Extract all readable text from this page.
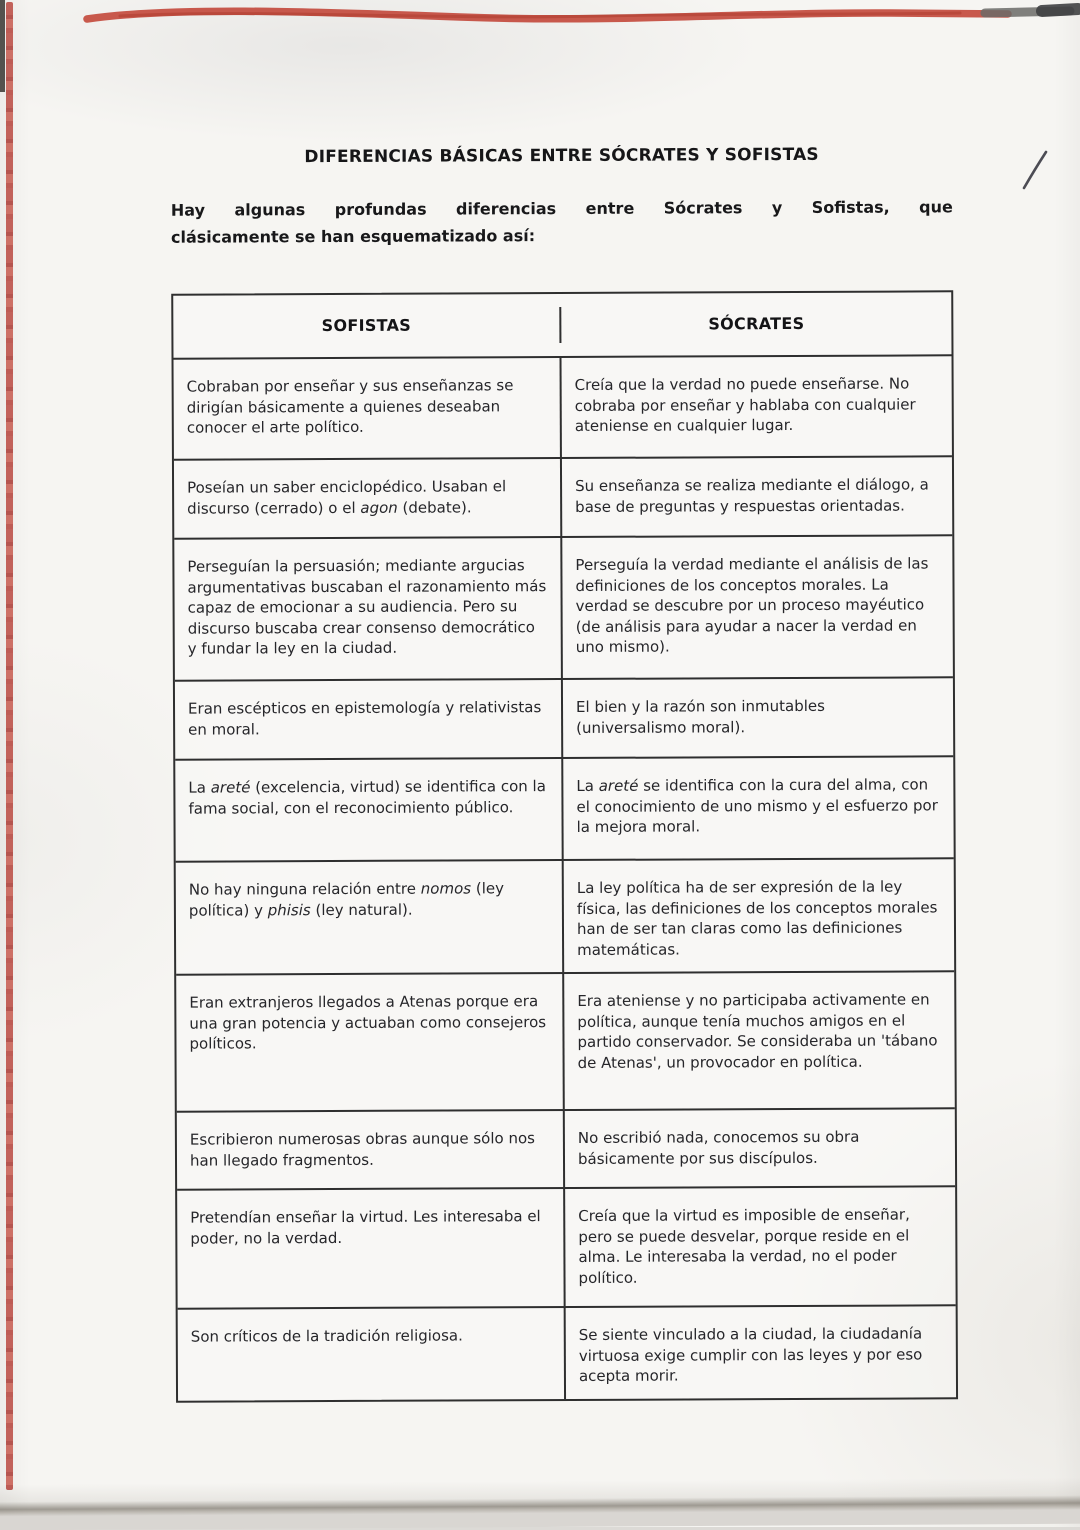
DIFERENCIAS BÁSICAS ENTRE SÓCRATES Y SOFISTAS
Hay algunas profundas diferencias entre Sócrates y Sofistas, que
clásicamente se han esquematizado así:
SOFISTAS	SÓCRATES
Cobraban por enseñar y sus enseñanzas se dirigían básicamente a quienes deseaban conocer el arte político.
Creía que la verdad no puede enseñarse. No cobraba por enseñar y hablaba con cualquier ateniense en cualquier lugar.
Poseían un saber enciclopédico. Usaban el discurso (cerrado) o el agon (debate).
Su enseñanza se realiza mediante el diálogo, a base de preguntas y respuestas orientadas.
Perseguían la persuasión; mediante argucias argumentativas buscaban el razonamiento más capaz de emocionar a su audiencia. Pero su discurso buscaba crear consenso democrático y fundar la ley en la ciudad.
Perseguía la verdad mediante el análisis de las definiciones de los conceptos morales. La verdad se descubre por un proceso mayéutico (de análisis para ayudar a nacer la verdad en uno mismo).
Eran escépticos en epistemología y relativistas en moral.
El bien y la razón son inmutables (universalismo moral).
La areté (excelencia, virtud) se identifica con la fama social, con el reconocimiento público.
La areté se identifica con la cura del alma, con el conocimiento de uno mismo y el esfuerzo por la mejora moral.
No hay ninguna relación entre nomos (ley política) y phisis (ley natural).
La ley política ha de ser expresión de la ley física, las definiciones de los conceptos morales han de ser tan claras como las definiciones matemáticas.
Eran extranjeros llegados a Atenas porque era una gran potencia y actuaban como consejeros políticos.
Era ateniense y no participaba activamente en política, aunque tenía muchos amigos en el partido conservador. Se consideraba un 'tábano de Atenas', un provocador en política.
Escribieron numerosas obras aunque sólo nos han llegado fragmentos.
No escribió nada, conocemos su obra básicamente por sus discípulos.
Pretendían enseñar la virtud. Les interesaba el poder, no la verdad.
Creía que la virtud es imposible de enseñar, pero se puede desvelar, porque reside en el alma. Le interesaba la verdad, no el poder político.
Son críticos de la tradición religiosa.	Se siente vinculado a la ciudad, la ciudadanía virtuosa exige cumplir con las leyes y por eso acepta morir.
